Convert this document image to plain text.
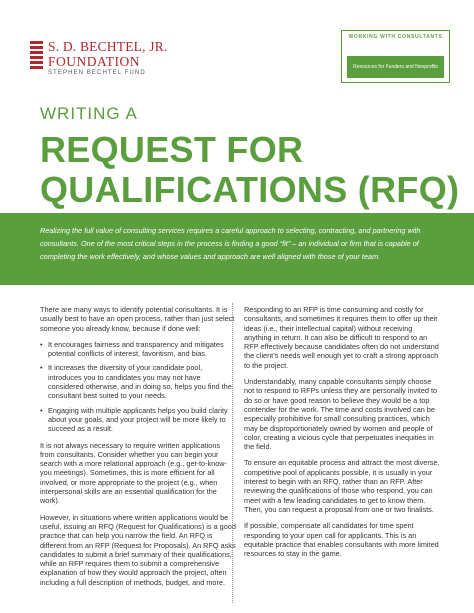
S. D. BECHTEL, JR.
FOUNDATION
STEPHEN BECHTEL FUND
WORKING WITH CONSULTANTS
Resources for Funders and Nonprofits
WRITING A
REQUEST FOR
QUALIFICATIONS (RFQ)
Realizing the full value of consulting services requires a careful approach to selecting, contracting, and partnering with consultants. One of the most critical steps in the process is finding a good “fit” – an individual or firm that is capable of completing the work effectively, and whose values and approach are well aligned with those of your team.

There are many ways to identify potential consultants. It is usually best to have an open process, rather than just select someone you already know, because if done well:

• It encourages fairness and transparency and mitigates potential conflicts of interest, favoritism, and bias.
• It increases the diversity of your candidate pool, introduces you to candidates you may not have considered otherwise, and in doing so, helps you find the consultant best suited to your needs.
• Engaging with multiple applicants helps you build clarity about your goals, and your project will be more likely to succeed as a result.

It is not always necessary to require written applications from consultants. Consider whether you can begin your search with a more relational approach (e.g., get-to-know-you meetings). Sometimes, this is more efficient for all involved, or more appropriate to the project (e.g., when interpersonal skills are an essential qualification for the work).

However, in situations where written applications would be useful, issuing an RFQ (Request for Qualifications) is a good practice that can help you narrow the field. An RFQ is different from an RFP (Request for Proposals). An RFQ asks candidates to submit a brief summary of their qualifications, while an RFP requires them to submit a comprehensive explanation of how they would approach the project, often including a full description of methods, budget, and more.

Responding to an RFP is time consuming and costly for consultants, and sometimes it requires them to offer up their ideas (i.e., their intellectual capital) without receiving anything in return. It can also be difficult to respond to an RFP effectively because candidates often do not understand the client’s needs well enough yet to craft a strong approach to the project.

Understandably, many capable consultants simply choose not to respond to RFPs unless they are personally invited to do so or have good reason to believe they would be a top contender for the work. The time and costs involved can be especially prohibitive for small consulting practices, which may be disproportionately owned by women and people of color, creating a vicious cycle that perpetuates inequities in the field.

To ensure an equitable process and attract the most diverse, competitive pool of applicants possible, it is usually in your interest to begin with an RFQ, rather than an RFP. After reviewing the qualifications of those who respond, you can meet with a few leading candidates to get to know them. Then, you can request a proposal from one or two finalists.

If possible, compensate all candidates for time spent responding to your open call for applicants. This is an equitable practice that enables consultants with more limited resources to stay in the game.
